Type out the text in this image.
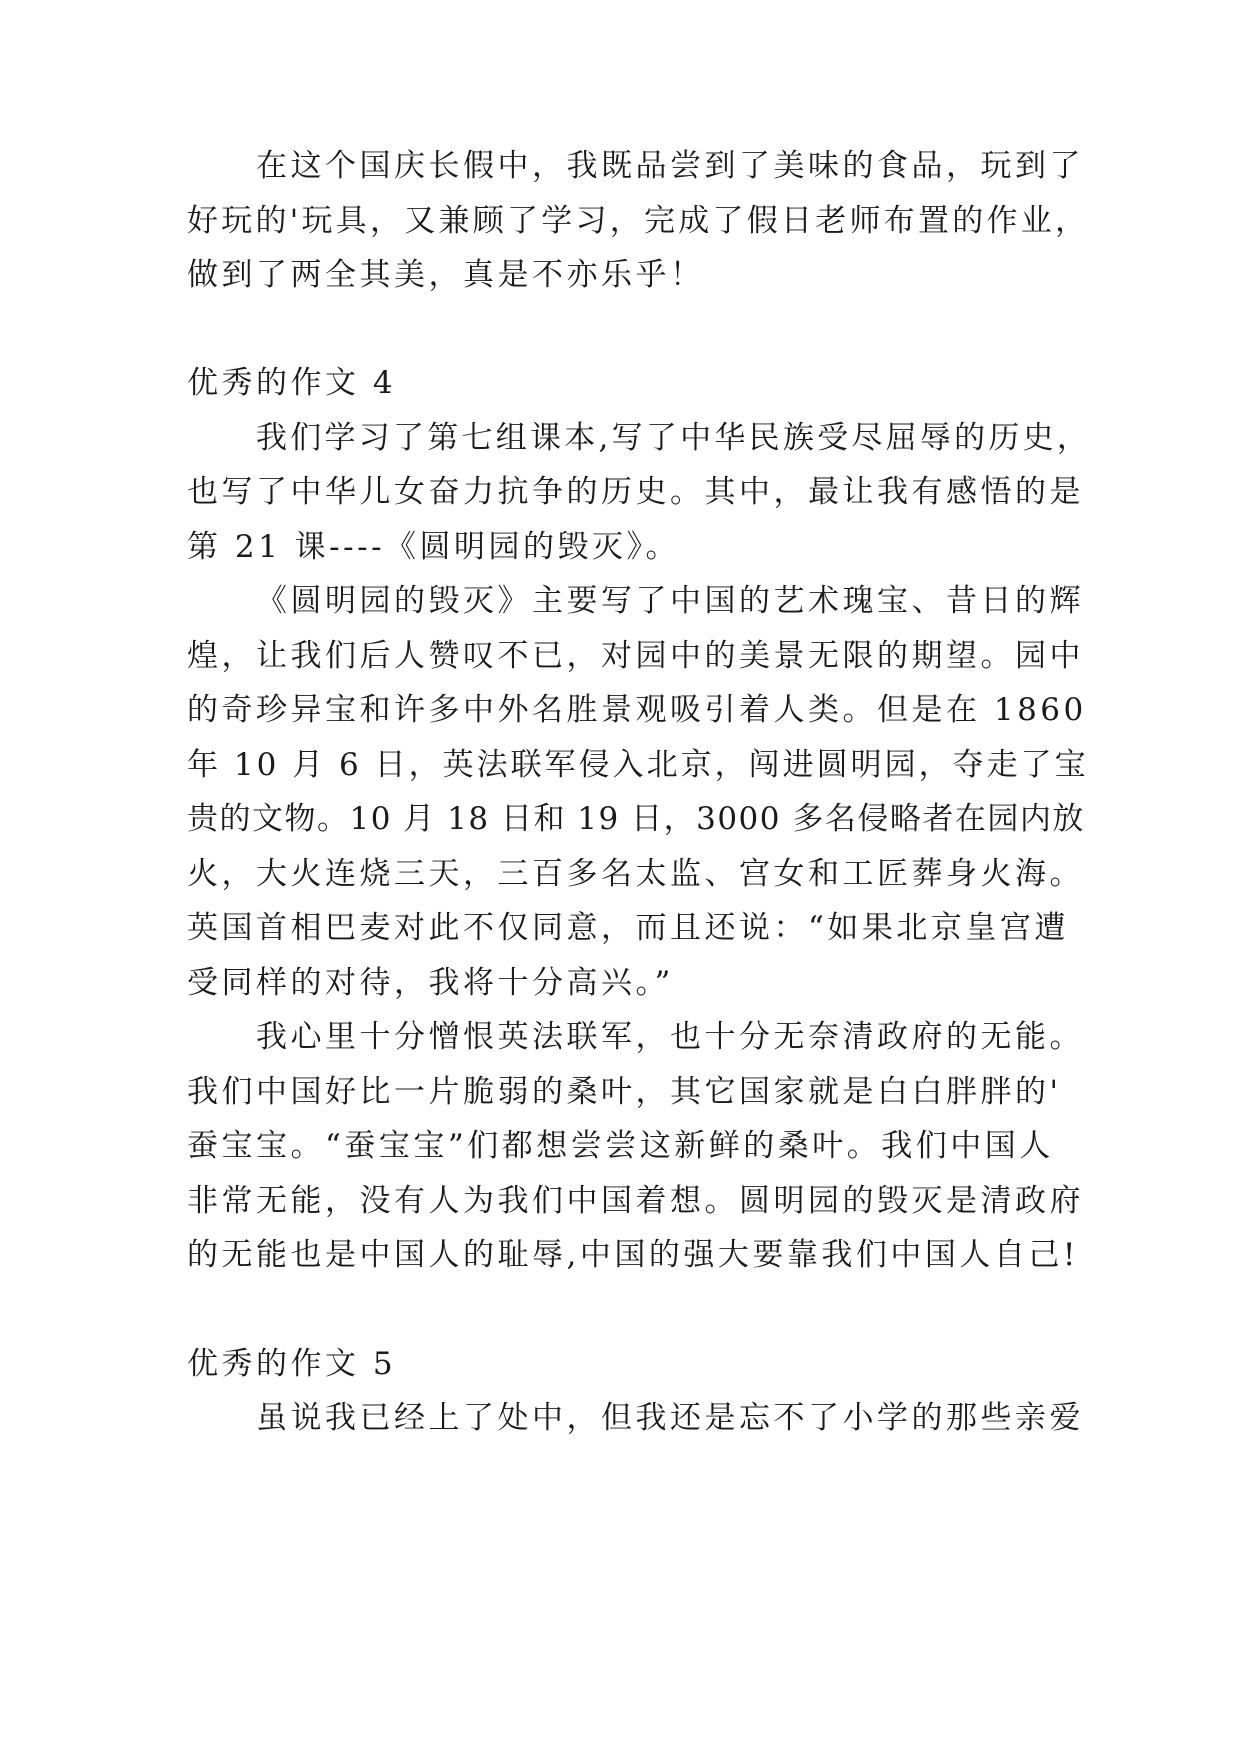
在这个国庆长假中，我既品尝到了美味的食品，玩到了
好玩的'玩具，又兼顾了学习，完成了假日老师布置的作业，
做到了两全其美，真是不亦乐乎！
优秀的作文 4
我们学习了第七组课本,写了中华民族受尽屈辱的历史，
也写了中华儿女奋力抗争的历史。其中，最让我有感悟的是
第 21 课----《圆明园的毁灭》。
《圆明园的毁灭》主要写了中国的艺术瑰宝、昔日的辉
煌，让我们后人赞叹不已，对园中的美景无限的期望。园中
的奇珍异宝和许多中外名胜景观吸引着人类。但是在 1860
年 10 月 6 日，英法联军侵入北京，闯进圆明园，夺走了宝
贵的文物。10 月 18 日和 19 日，3000 多名侵略者在园内放
火，大火连烧三天，三百多名太监、宫女和工匠葬身火海。
英国首相巴麦对此不仅同意，而且还说：“如果北京皇宫遭
受同样的对待，我将十分高兴。”
我心里十分憎恨英法联军，也十分无奈清政府的无能。
我们中国好比一片脆弱的桑叶，其它国家就是白白胖胖的'
蚕宝宝。“蚕宝宝”们都想尝尝这新鲜的桑叶。我们中国人
非常无能，没有人为我们中国着想。圆明园的毁灭是清政府
的无能也是中国人的耻辱,中国的强大要靠我们中国人自己!
优秀的作文 5
虽说我已经上了处中，但我还是忘不了小学的那些亲爱
